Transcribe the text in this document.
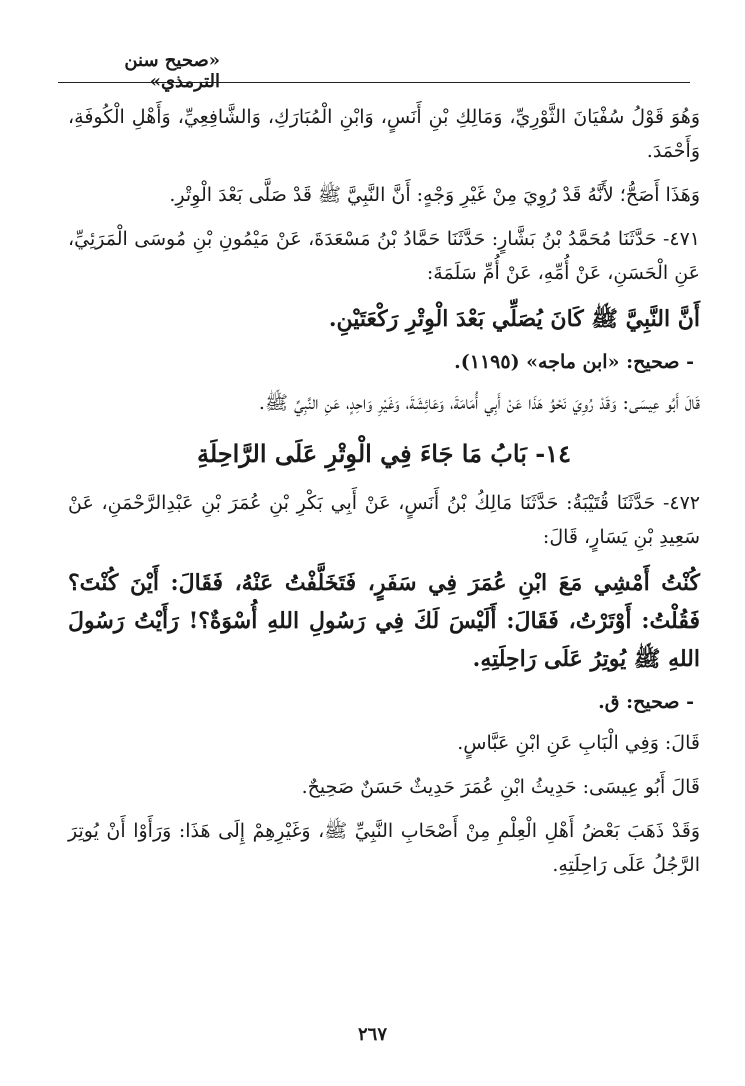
«صحيح سنن الترمذي»

وَهُوَ قَوْلُ سُفْيَانَ الثَّوْرِيِّ، وَمَالِكِ بْنِ أَنَسٍ، وَابْنِ الْمُبَارَكِ، وَالشَّافِعِيِّ، وَأَهْلِ الْكُوفَةِ، وَأَحْمَدَ.

وَهَذَا أَصَحُّ؛ لأَنَّهُ قَدْ رُوِيَ مِنْ غَيْرِ وَجْهٍ: أَنَّ النَّبِيَّ ﷺ قَدْ صَلَّى بَعْدَ الْوِتْرِ.

٤٧١- حَدَّثَنَا مُحَمَّدُ بْنُ بَشَّارٍ: حَدَّثَنَا حَمَّادُ بْنُ مَسْعَدَةَ، عَنْ مَيْمُونِ بْنِ مُوسَى الْمَرَئِيِّ، عَنِ الْحَسَنِ، عَنْ أُمِّهِ، عَنْ أُمِّ سَلَمَةَ:

أَنَّ النَّبِيَّ ﷺ كَانَ يُصَلِّي بَعْدَ الْوِتْرِ رَكْعَتَيْنِ.

- صحيح: «ابن ماجه» (١١٩٥).

قَالَ أَبُو عِيسَى: وَقَدْ رُوِيَ نَحْوُ هَذَا عَنْ أَبِي أُمَامَةَ، وَعَائِشَةَ، وَغَيْرِ وَاحِدٍ، عَنِ النَّبِيِّ ﷺ.

١٤- بَابُ مَا جَاءَ فِي الْوِتْرِ عَلَى الرَّاحِلَةِ

٤٧٢- حَدَّثَنَا قُتَيْبَةُ: حَدَّثَنَا مَالِكُ بْنُ أَنَسٍ، عَنْ أَبِي بَكْرِ بْنِ عُمَرَ بْنِ عَبْدِالرَّحْمَنِ، عَنْ سَعِيدِ بْنِ يَسَارٍ، قَالَ:

كُنْتُ أَمْشِي مَعَ ابْنِ عُمَرَ فِي سَفَرٍ، فَتَخَلَّفْتُ عَنْهُ، فَقَالَ: أَيْنَ كُنْتَ؟ فَقُلْتُ: أَوْتَرْتُ، فَقَالَ: أَلَيْسَ لَكَ فِي رَسُولِ اللهِ أُسْوَةٌ؟! رَأَيْتُ رَسُولَ اللهِ ﷺ يُوتِرُ عَلَى رَاحِلَتِهِ.

- صحيح: ق.

قَالَ: وَفِي الْبَابِ عَنِ ابْنِ عَبَّاسٍ.

قَالَ أَبُو عِيسَى: حَدِيثُ ابْنِ عُمَرَ حَدِيثٌ حَسَنٌ صَحِيحٌ.

وَقَدْ ذَهَبَ بَعْضُ أَهْلِ الْعِلْمِ مِنْ أَصْحَابِ النَّبِيِّ ﷺ، وَغَيْرِهِمْ إِلَى هَذَا: وَرَأَوْا أَنْ يُوتِرَ الرَّجُلُ عَلَى رَاحِلَتِهِ.

٢٦٧
